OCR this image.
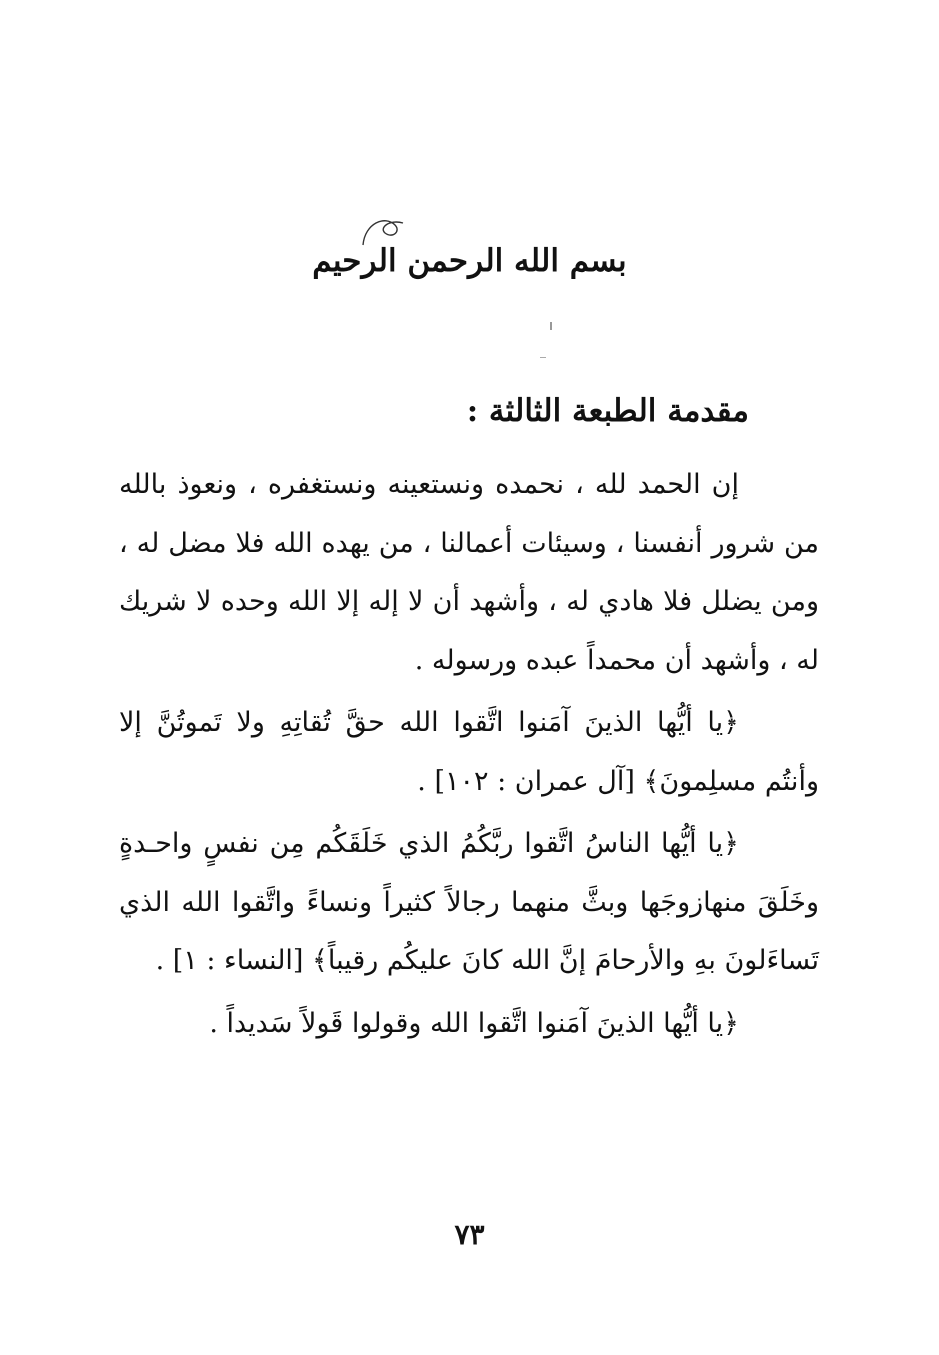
بسم الله الرحمن الرحيم
مقدمة الطبعة الثالثة :

إن الحمد لله ، نحمده ونستعينه ونستغفره ، ونعوذ بالله من شرور أنفسنا ، وسيئات أعمالنا ، من يهده الله فلا مضل له ، ومن يضلل فلا هادي له ، وأشهد أن لا إله إلا الله وحده لا شريك له ، وأشهد أن محمداً عبده ورسوله .

﴿يا أيُّها الذينَ آمَنوا اتَّقوا الله حقَّ تُقاتِهِ ولا تَموتُنَّ إلا وأنتُم مسلِمونَ﴾ [آل عمران : ١٠٢] .

﴿يا أيُّها الناسُ اتَّقوا ربَّكُمُ الذي خَلَقَكُم مِن نفسٍ واحـدةٍ وخَلَقَ منهازوجَها وبثَّ منهما رجالاً كثيراً ونساءً واتَّقوا الله الذي تَساءَلونَ بهِ والأرحامَ إنَّ الله كانَ عليكُم رقيباً﴾ [النساء : ١] .

﴿يا أيُّها الذينَ آمَنوا اتَّقوا الله وقولوا قَولاً سَديداً .

٧٣
